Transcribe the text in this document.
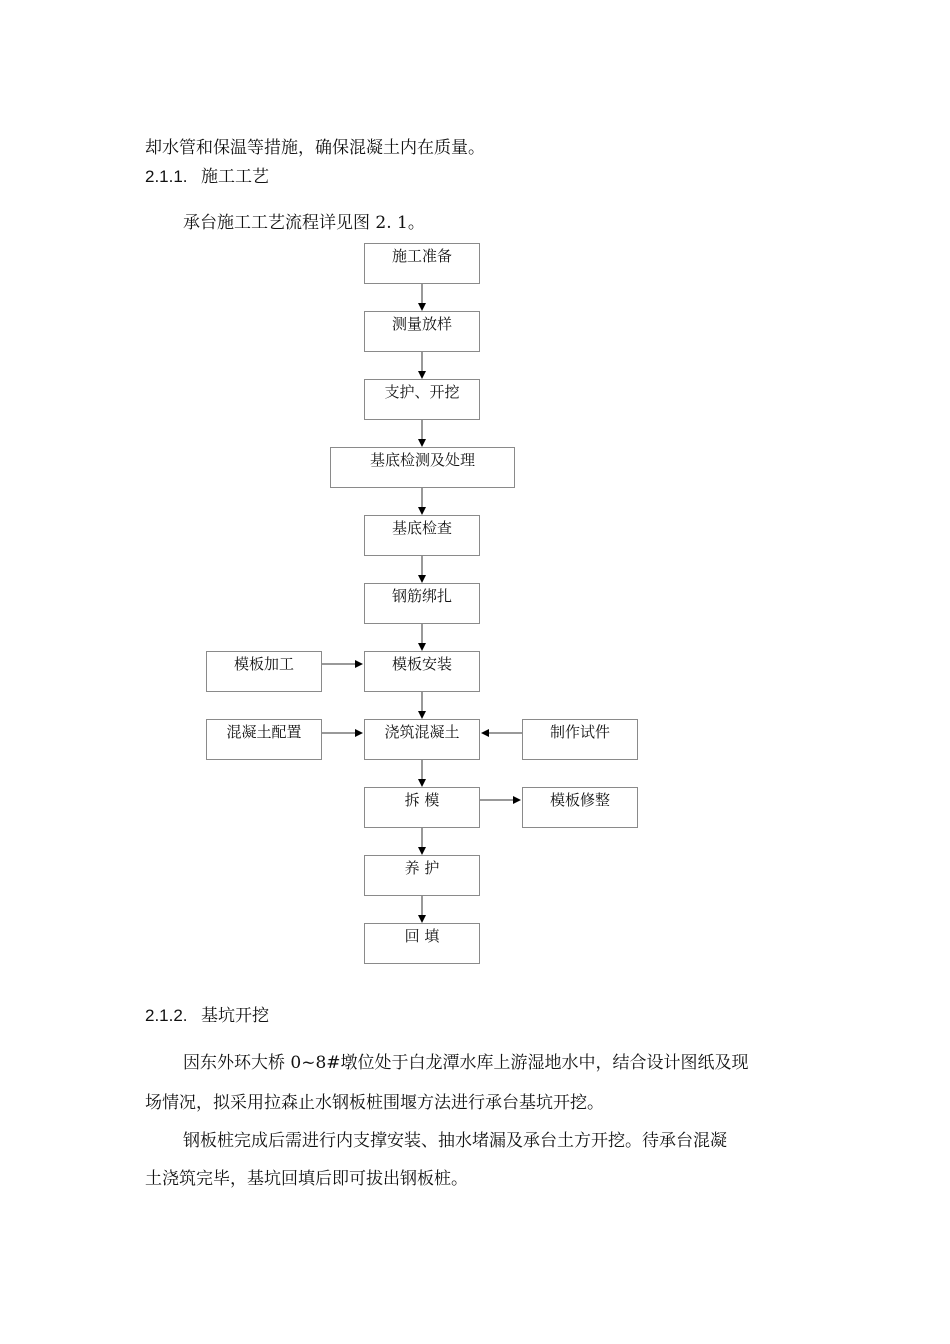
却水管和保温等措施，确保混凝土内在质量。
2.1.1. 施工工艺
承台施工工艺流程详见图 2. 1。
施工准备
测量放样
支护、开挖
基底检测及处理
基底检查
钢筋绑扎
模板安装
浇筑混凝土
拆 模
养 护
回 填
模板加工
混凝土配置	制作试件
模板修整
2.1.2. 基坑开挖
因东外环大桥 0~8#墩位处于白龙潭水库上游湿地水中，结合设计图纸及现
场情况，拟采用拉森止水钢板桩围堰方法进行承台基坑开挖。
钢板桩完成后需进行内支撑安装、抽水堵漏及承台土方开挖。待承台混凝
土浇筑完毕，基坑回填后即可拔出钢板桩。
